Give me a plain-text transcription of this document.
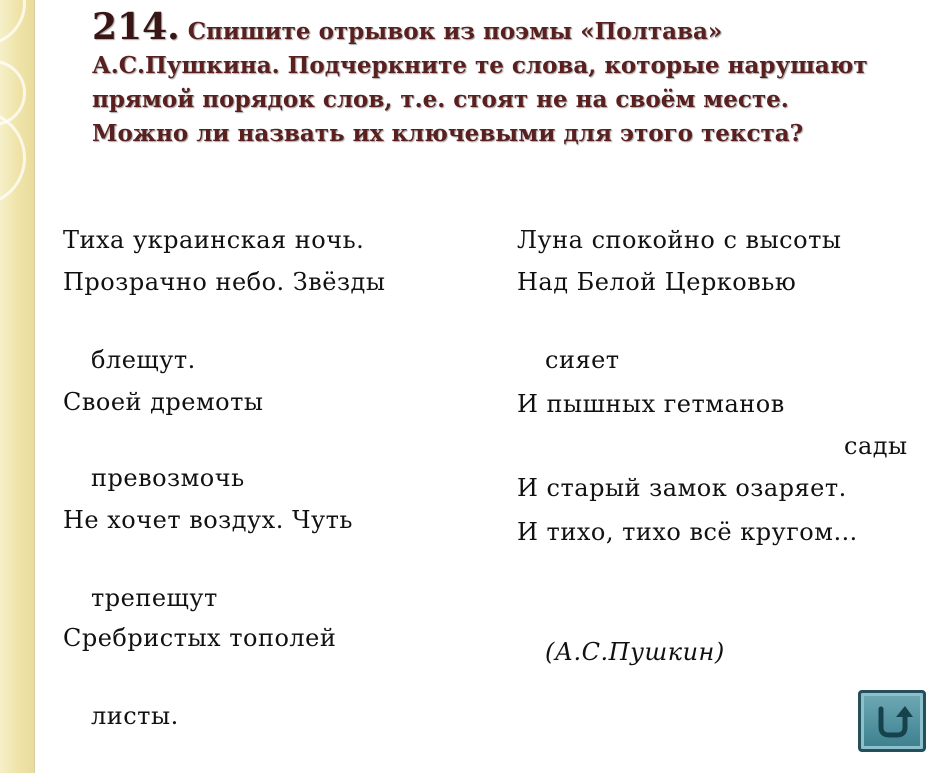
214. Спишите отрывок из поэмы «Полтава» А.С.Пушкина. Подчеркните те слова, которые нарушают прямой порядок слов, т.е. стоят не на своём месте. Можно ли назвать их ключевыми для этого текста?

Тиха украинская ночь.

Прозрачно небо. Звёзды

блещут.

Своей дремоты

превозмочь

Не хочет воздух. Чуть

трепещут

Сребристых тополей

листы.

Луна спокойно с высоты

Над Белой Церковью

сияет

И пышных гетманов

сады

И старый замок озаряет.

И тихо, тихо всё кругом…

(А.С.Пушкин)
